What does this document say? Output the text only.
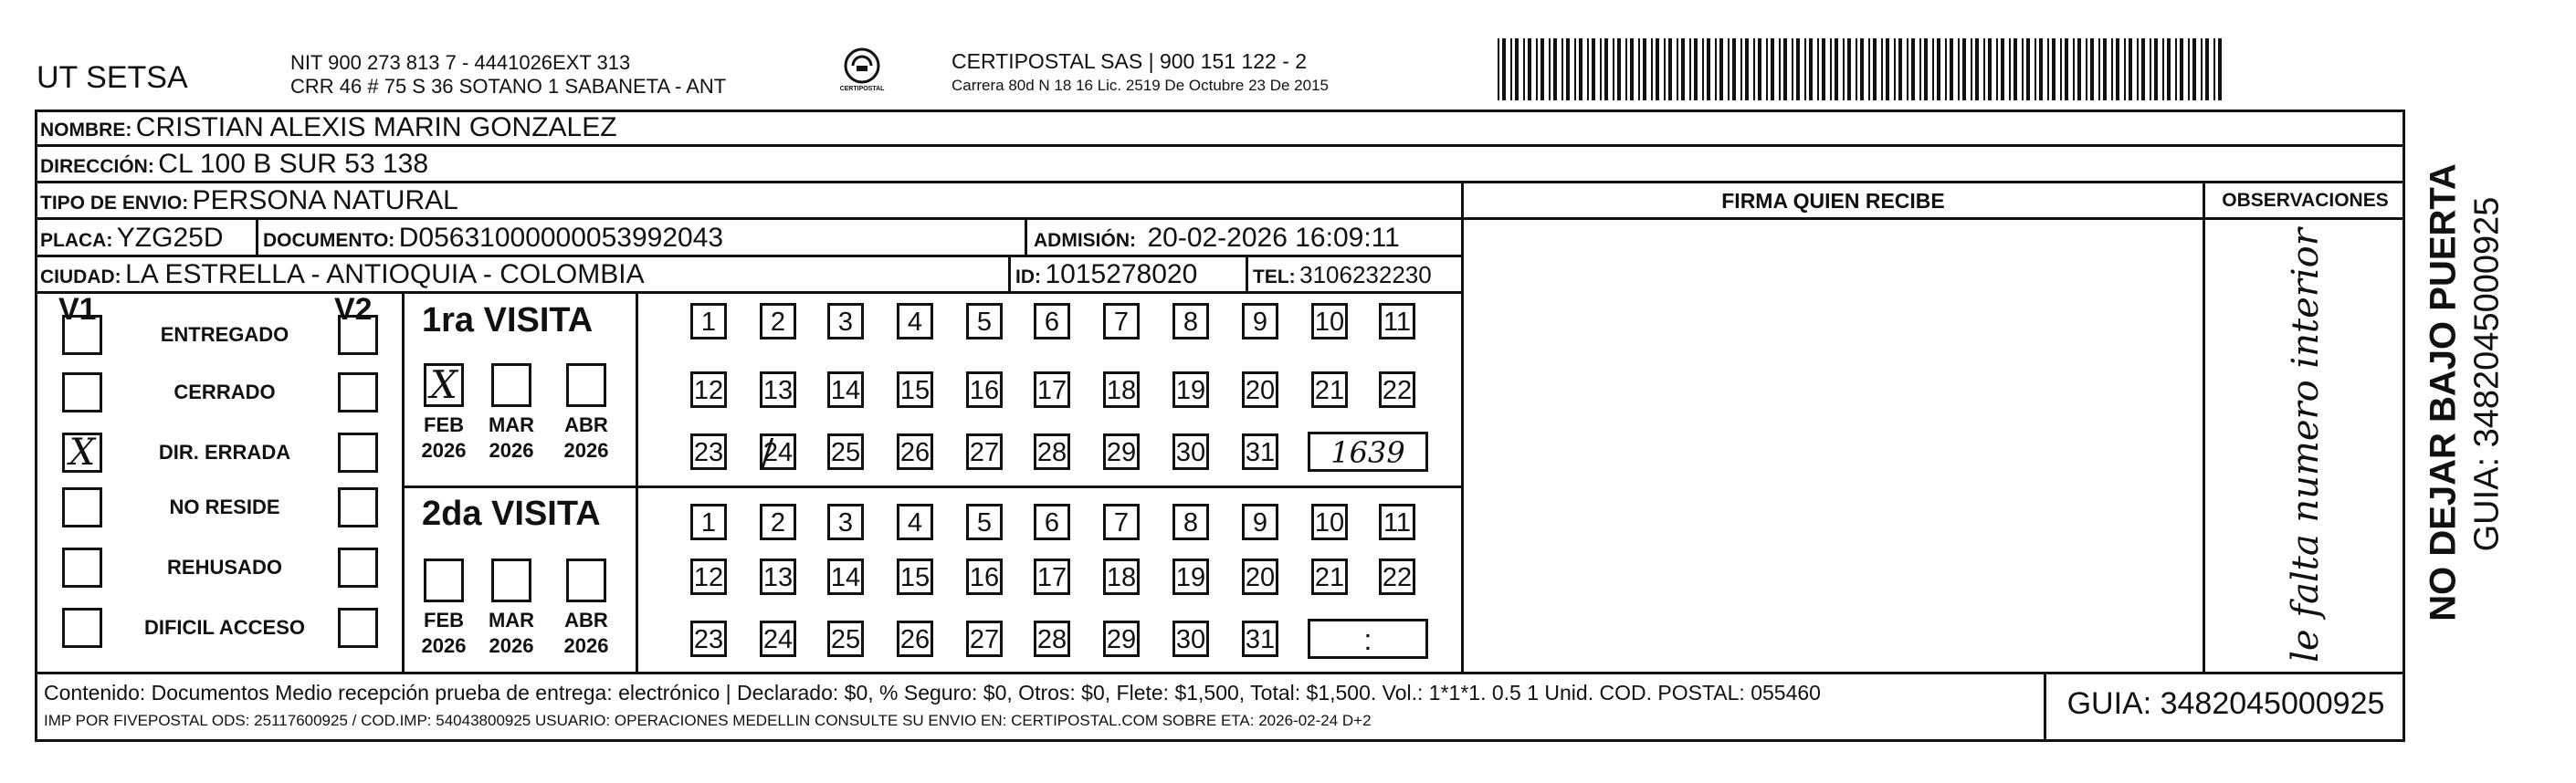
UT SETSA	NIT 900 273 813 7 - 4441026EXT 313
CRR 46 # 75 S 36 SOTANO 1 SABANETA - ANT	CERTIPOSTAL
CERTIPOSTAL SAS | 900 151 122 - 2
Carrera 80d N 18 16 Lic. 2519 De Octubre 23 De 2015
NOMBRE: CRISTIAN ALEXIS MARIN GONZALEZ
DIRECCIÓN: CL 100 B SUR 53 138
TIPO DE ENVIO: PERSONA NATURAL	FIRMA QUIEN RECIBE	OBSERVACIONES
PLACA: YZG25D DOCUMENTO: D05631000000053992043	ADMISIÓN: 20-02-2026 16:09:11
CIUDAD: LA ESTRELLA - ANTIOQUIA - COLOMBIA	ID: 1015278020	TEL: 3106232230
V1	V2
ENTREGADO
CERRADO
X	DIR. ERRADA
NO RESIDE
REHUSADO
DIFICIL ACCESO
1ra VISITA
X
FEB
2026
MAR
2026
ABR
2026
1	2	3	4	5	6	7	8	9	10 11
12 13 14 15 16 17 18 19 20 21 22
23 24 25 26 27 28 29 30 31	1639
2da VISITA
FEB
2026
MAR
2026
ABR
2026
1	2	3	4	5	6	7	8	9	10 11
12 13 14 15 16 17 18 19 20 21 22
23 24 25 26 27 28 29 30 31	:	le falta numero interior
Contenido: Documentos Medio recepción prueba de entrega: electrónico | Declarado: $0, % Seguro: $0, Otros: $0, Flete: $1,500, Total: $1,500. Vol.: 1*1*1. 0.5 1 Unid. COD. POSTAL: 055460
IMP POR FIVEPOSTAL ODS: 25117600925 / COD.IMP: 54043800925 USUARIO: OPERACIONES MEDELLIN CONSULTE SU ENVIO EN: CERTIPOSTAL.COM SOBRE ETA: 2026-02-24 D+2	GUIA: 3482045000925
NO DEJAR BAJO PUERTA GUIA: 3482045000925
